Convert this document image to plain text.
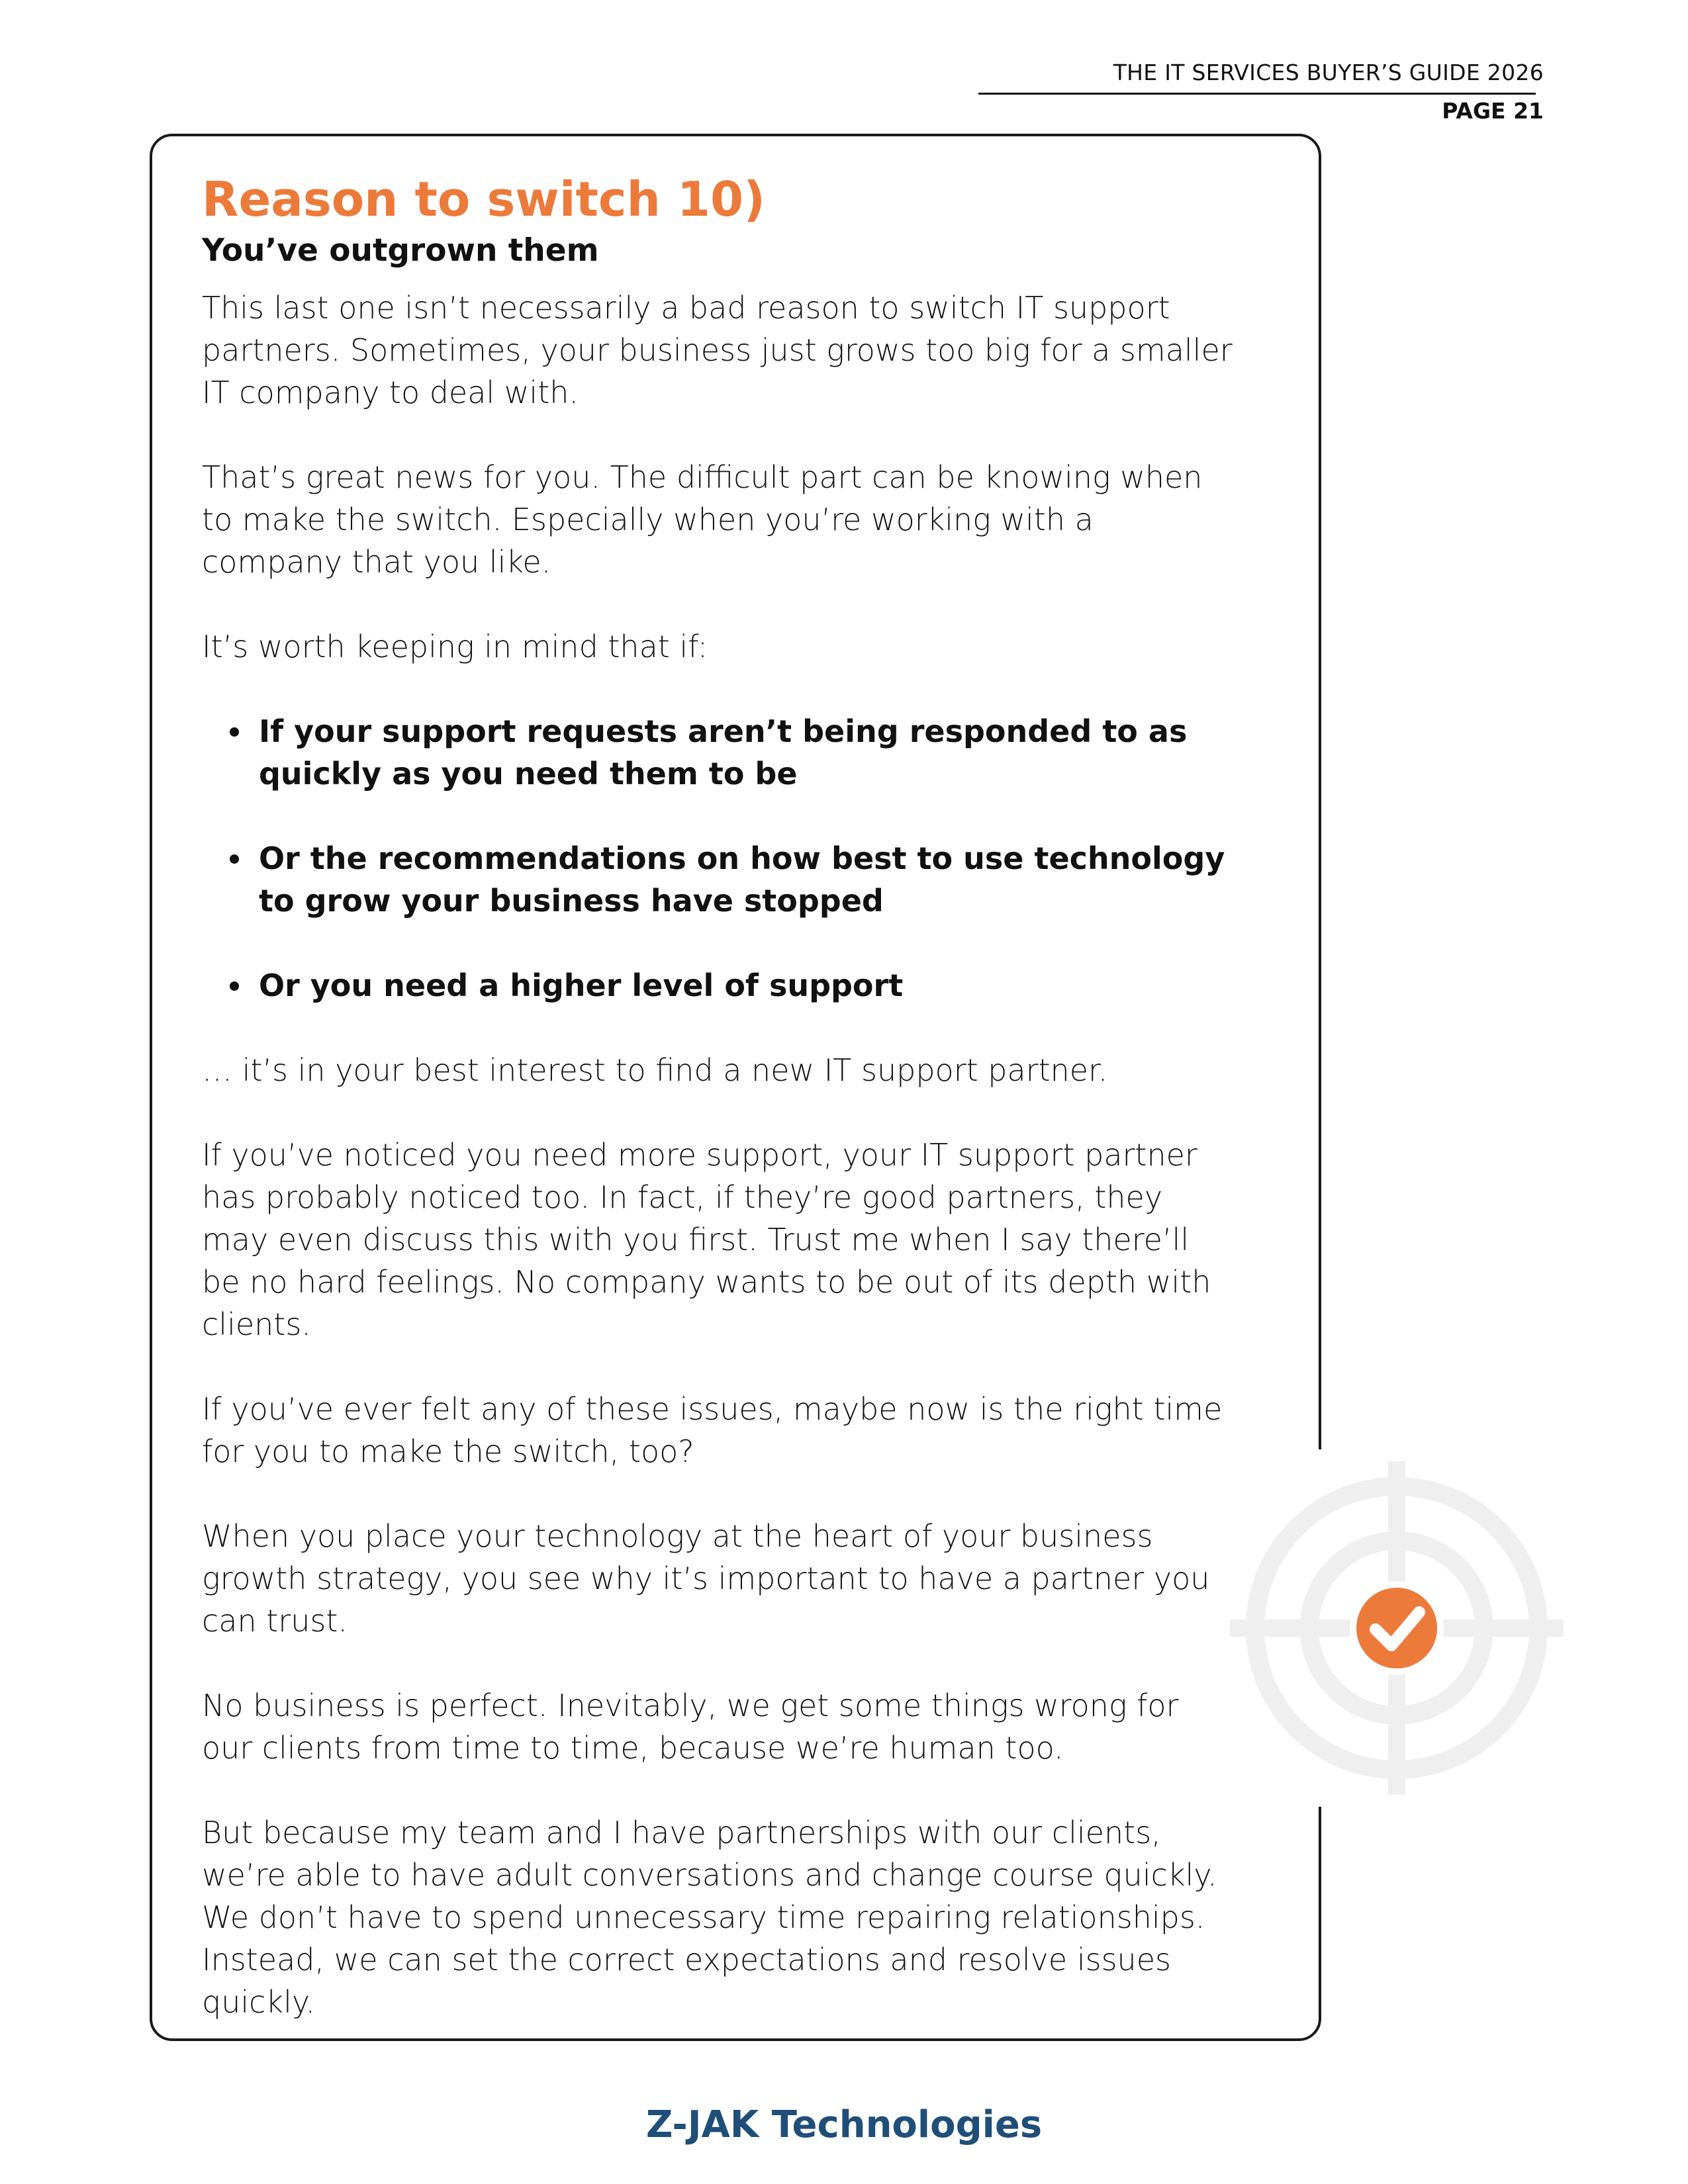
THE IT SERVICES BUYER’S GUIDE 2026
PAGE 21
Reason to switch 10)
You’ve outgrown them

This last one isn’t necessarily a bad reason to switch IT support partners. Sometimes, your business just grows too big for a smaller IT company to deal with.

That’s great news for you. The difficult part can be knowing when to make the switch. Especially when you’re working with a company that you like.

It’s worth keeping in mind that if:

If your support requests aren’t being responded to as quickly as you need them to be
Or the recommendations on how best to use technology to grow your business have stopped
Or you need a higher level of support

… it’s in your best interest to find a new IT support partner.

If you’ve noticed you need more support, your IT support partner has probably noticed too. In fact, if they’re good partners, they may even discuss this with you first. Trust me when I say there’ll be no hard feelings. No company wants to be out of its depth with clients.

If you’ve ever felt any of these issues, maybe now is the right time for you to make the switch, too?

When you place your technology at the heart of your business growth strategy, you see why it’s important to have a partner you can trust.

No business is perfect. Inevitably, we get some things wrong for our clients from time to time, because we’re human too.

But because my team and I have partnerships with our clients, we’re able to have adult conversations and change course quickly. We don’t have to spend unnecessary time repairing relationships. Instead, we can set the correct expectations and resolve issues quickly.

Z-JAK Technologies
